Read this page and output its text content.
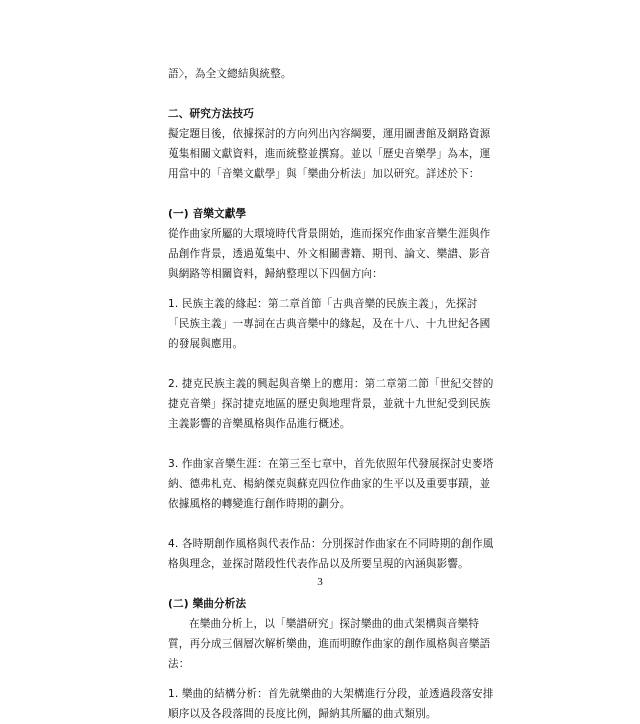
語〉，為全文總結與統整。

二、研究方法技巧

擬定題目後，依據探討的方向列出內容綱要，運用圖書館及網路資源蒐集相關文獻資料，進而統整並撰寫。並以「歷史音樂學」為本，運用當中的「音樂文獻學」與「樂曲分析法」加以研究。詳述於下：

(一) 音樂文獻學

從作曲家所屬的大環境時代背景開始，進而探究作曲家音樂生涯與作品創作背景，透過蒐集中、外文相關書籍、期刊、論文、樂譜、影音與網路等相關資料，歸納整理以下四個方向：

1. 民族主義的緣起：第二章首節「古典音樂的民族主義」，先探討「民族主義」一專詞在古典音樂中的緣起，及在十八、十九世紀各國的發展與應用。

2. 捷克民族主義的興起與音樂上的應用：第二章第二節「世紀交替的捷克音樂」探討捷克地區的歷史與地理背景，並就十九世紀受到民族主義影響的音樂風格與作品進行概述。

3. 作曲家音樂生涯：在第三至七章中，首先依照年代發展探討史麥塔納、德弗札克、楊納傑克與蘇克四位作曲家的生平以及重要事蹟，並依據風格的轉變進行創作時期的劃分。

4. 各時期創作風格與代表作品：分別探討作曲家在不同時期的創作風格與理念，並探討階段性代表作品以及所要呈現的內涵與影響。

(二) 樂曲分析法

在樂曲分析上，以「樂譜研究」探討樂曲的曲式架構與音樂特質，再分成三個層次解析樂曲，進而明瞭作曲家的創作風格與音樂語法：

1. 樂曲的結構分析：首先就樂曲的大架構進行分段，並透過段落安排順序以及各段落間的長度比例，歸納其所屬的曲式類別。

3
